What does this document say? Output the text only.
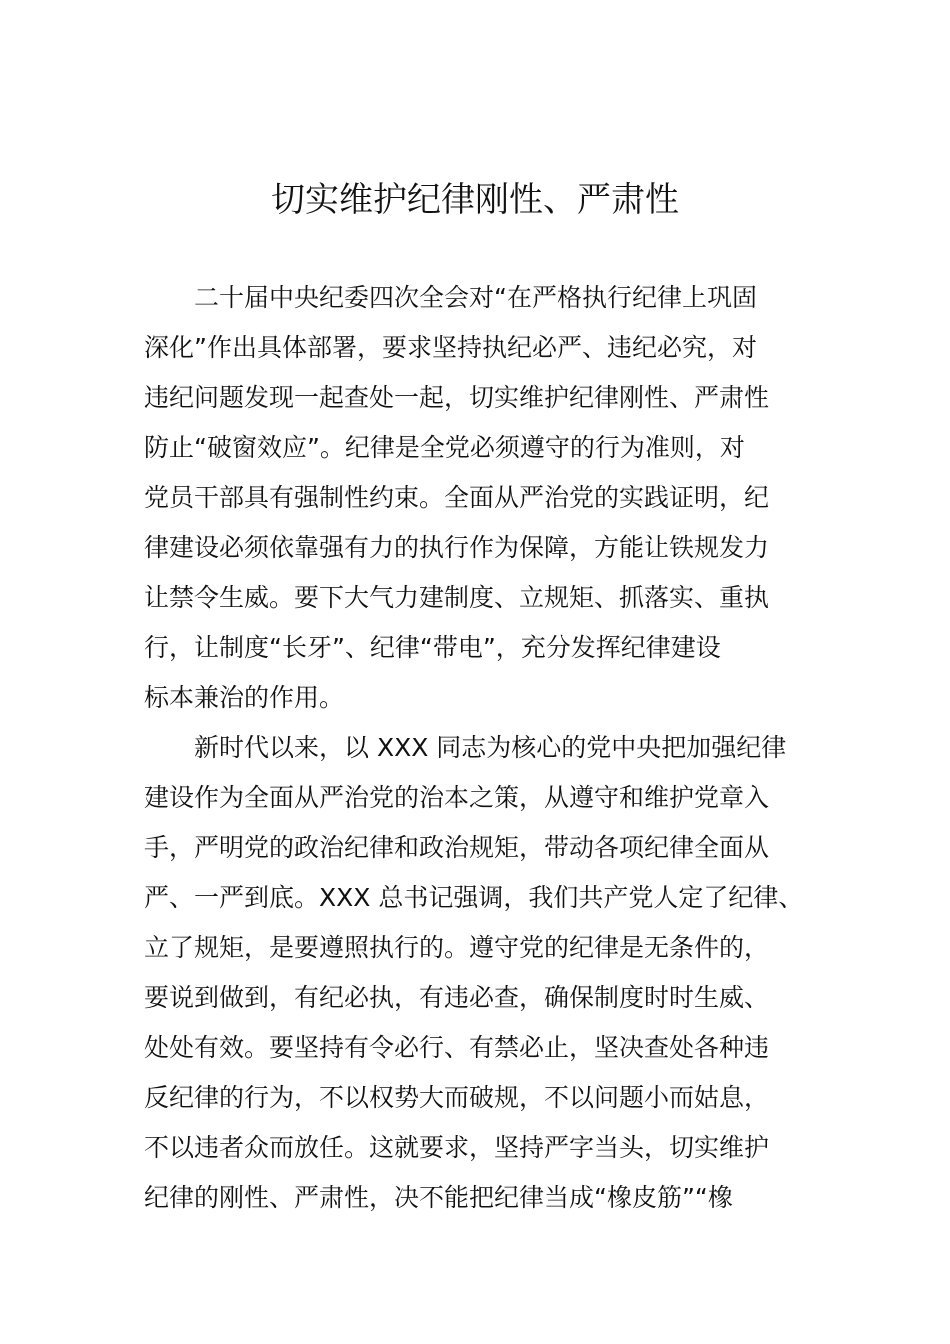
切实维护纪律刚性、严肃性
二十届中央纪委四次全会对“在严格执行纪律上巩固
深化”作出具体部署，要求坚持执纪必严、违纪必究，对
违纪问题发现一起查处一起，切实维护纪律刚性、严肃性
防止“破窗效应”。纪律是全党必须遵守的行为准则，对
党员干部具有强制性约束。全面从严治党的实践证明，纪
律建设必须依靠强有力的执行作为保障，方能让铁规发力
让禁令生威。要下大气力建制度、立规矩、抓落实、重执
行，让制度“长牙”、纪律“带电”，充分发挥纪律建设
标本兼治的作用。
新时代以来，以 XXX 同志为核心的党中央把加强纪律
建设作为全面从严治党的治本之策，从遵守和维护党章入
手，严明党的政治纪律和政治规矩，带动各项纪律全面从
严、一严到底。XXX 总书记强调，我们共产党人定了纪律、
立了规矩，是要遵照执行的。遵守党的纪律是无条件的，
要说到做到，有纪必执，有违必查，确保制度时时生威、
处处有效。要坚持有令必行、有禁必止，坚决查处各种违
反纪律的行为，不以权势大而破规，不以问题小而姑息，
不以违者众而放任。这就要求，坚持严字当头，切实维护
纪律的刚性、严肃性，决不能把纪律当成“橡皮筋”“橡
